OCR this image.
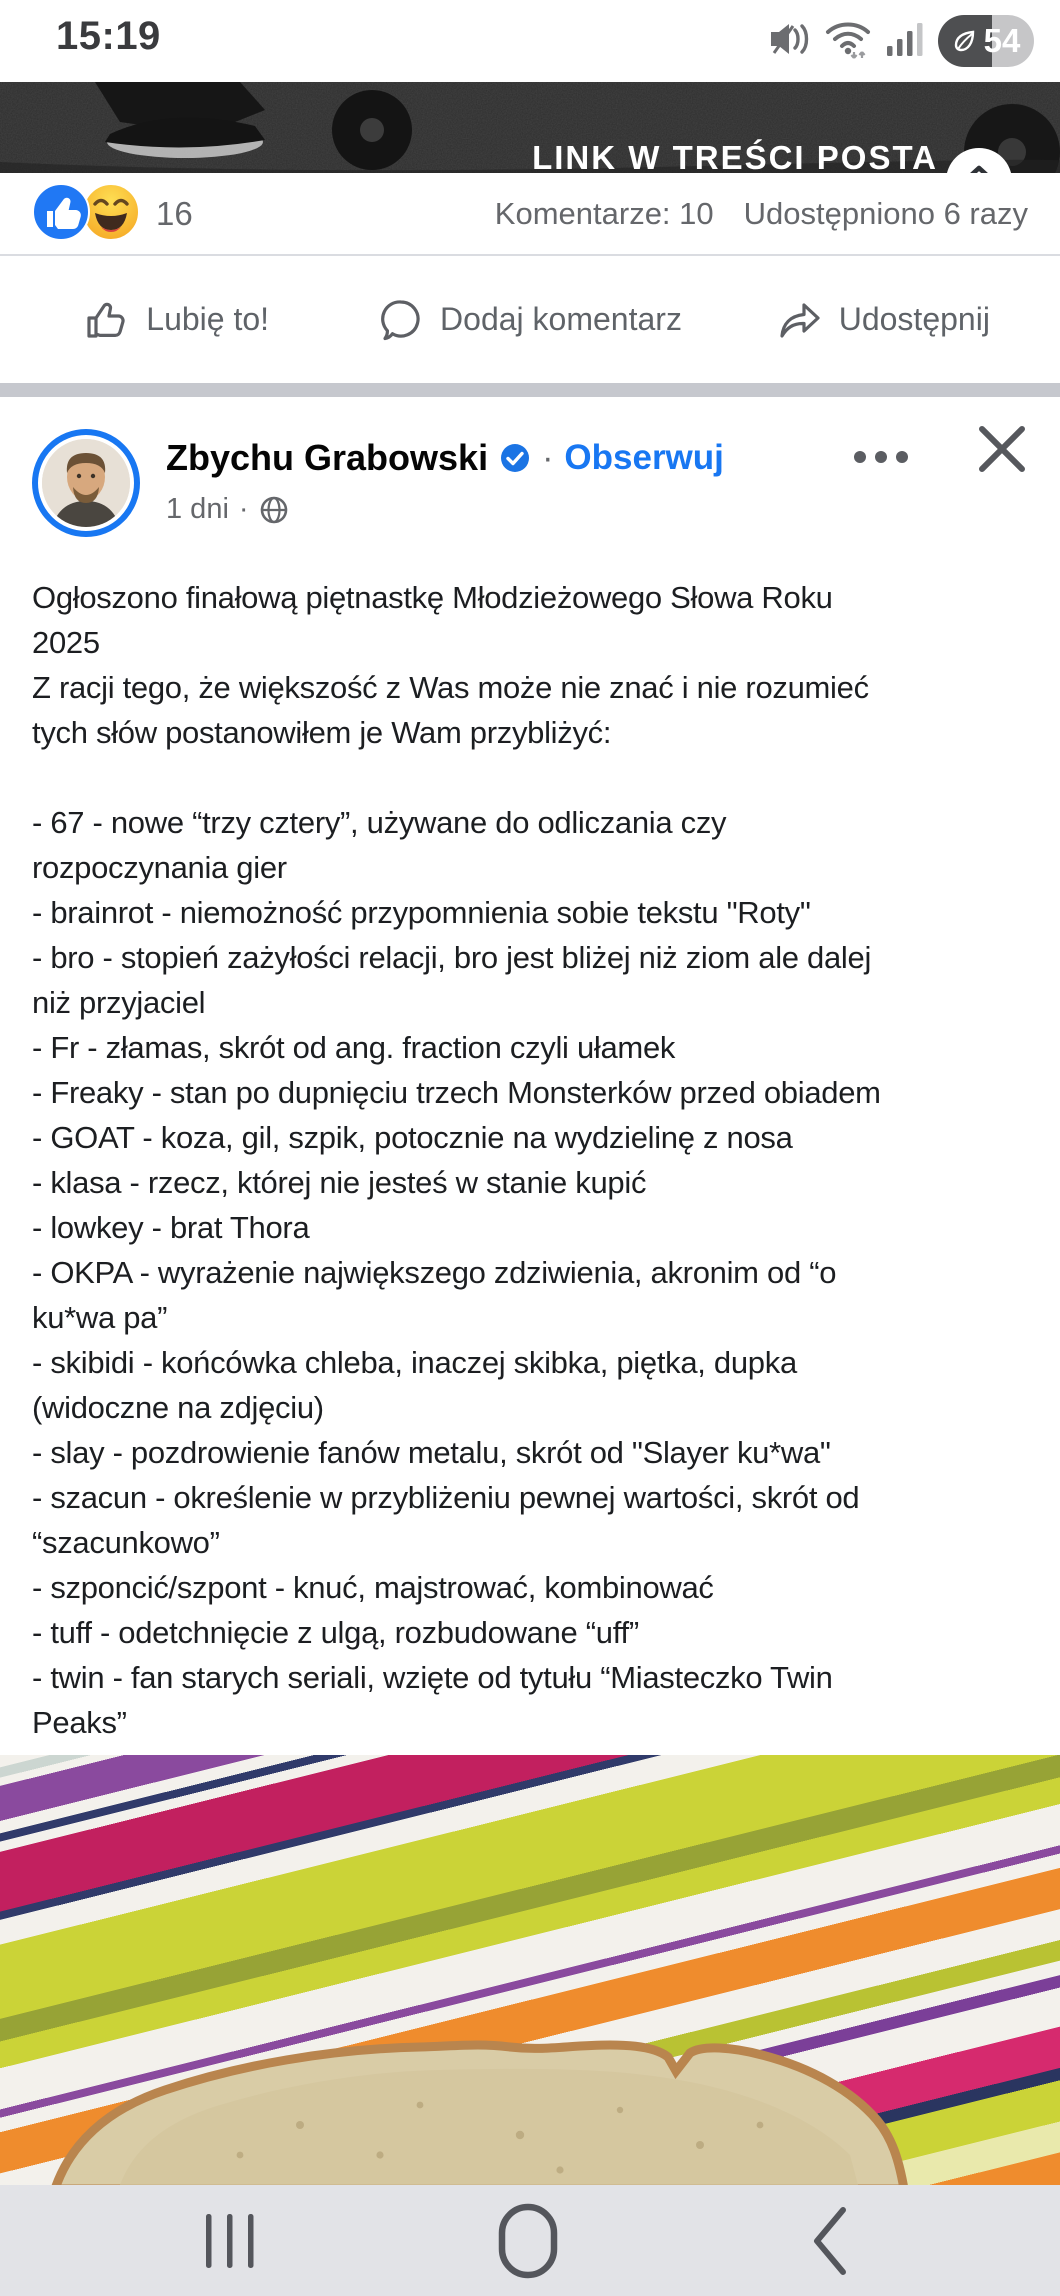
15:19	54
LINK W TREŚCI POSTA
16	Komentarze: 10 Udostępniono 6 razy
Lubię to!	Dodaj komentarz	Udostępnij
Zbychu Grabowski · Obserwuj
1 dni ·
Ogłoszono finałową piętnastkę Młodzieżowego Słowa Roku
2025
Z racji tego, że większość z Was może nie znać i nie rozumieć
tych słów postanowiłem je Wam przybliżyć:
- 67 - nowe “trzy cztery”, używane do odliczania czy
rozpoczynania gier
- brainrot - niemożność przypomnienia sobie tekstu "Roty"
- bro - stopień zażyłości relacji, bro jest bliżej niż ziom ale dalej
niż przyjaciel
- Fr - złamas, skrót od ang. fraction czyli ułamek
- Freaky - stan po dupnięciu trzech Monsterków przed obiadem
- GOAT - koza, gil, szpik, potocznie na wydzielinę z nosa
- klasa - rzecz, której nie jesteś w stanie kupić
- lowkey - brat Thora
- OKPA - wyrażenie największego zdziwienia, akronim od “o
ku*wa pa”
- skibidi - końcówka chleba, inaczej skibka, piętka, dupka
(widoczne na zdjęciu)
- slay - pozdrowienie fanów metalu, skrót od "Slayer ku*wa"
- szacun - określenie w przybliżeniu pewnej wartości, skrót od
“szacunkowo”
- szponcić/szpont - knuć, majstrować, kombinować
- tuff - odetchnięcie z ulgą, rozbudowane “uff”
- twin - fan starych seriali, wzięte od tytułu “Miasteczko Twin
Peaks”
